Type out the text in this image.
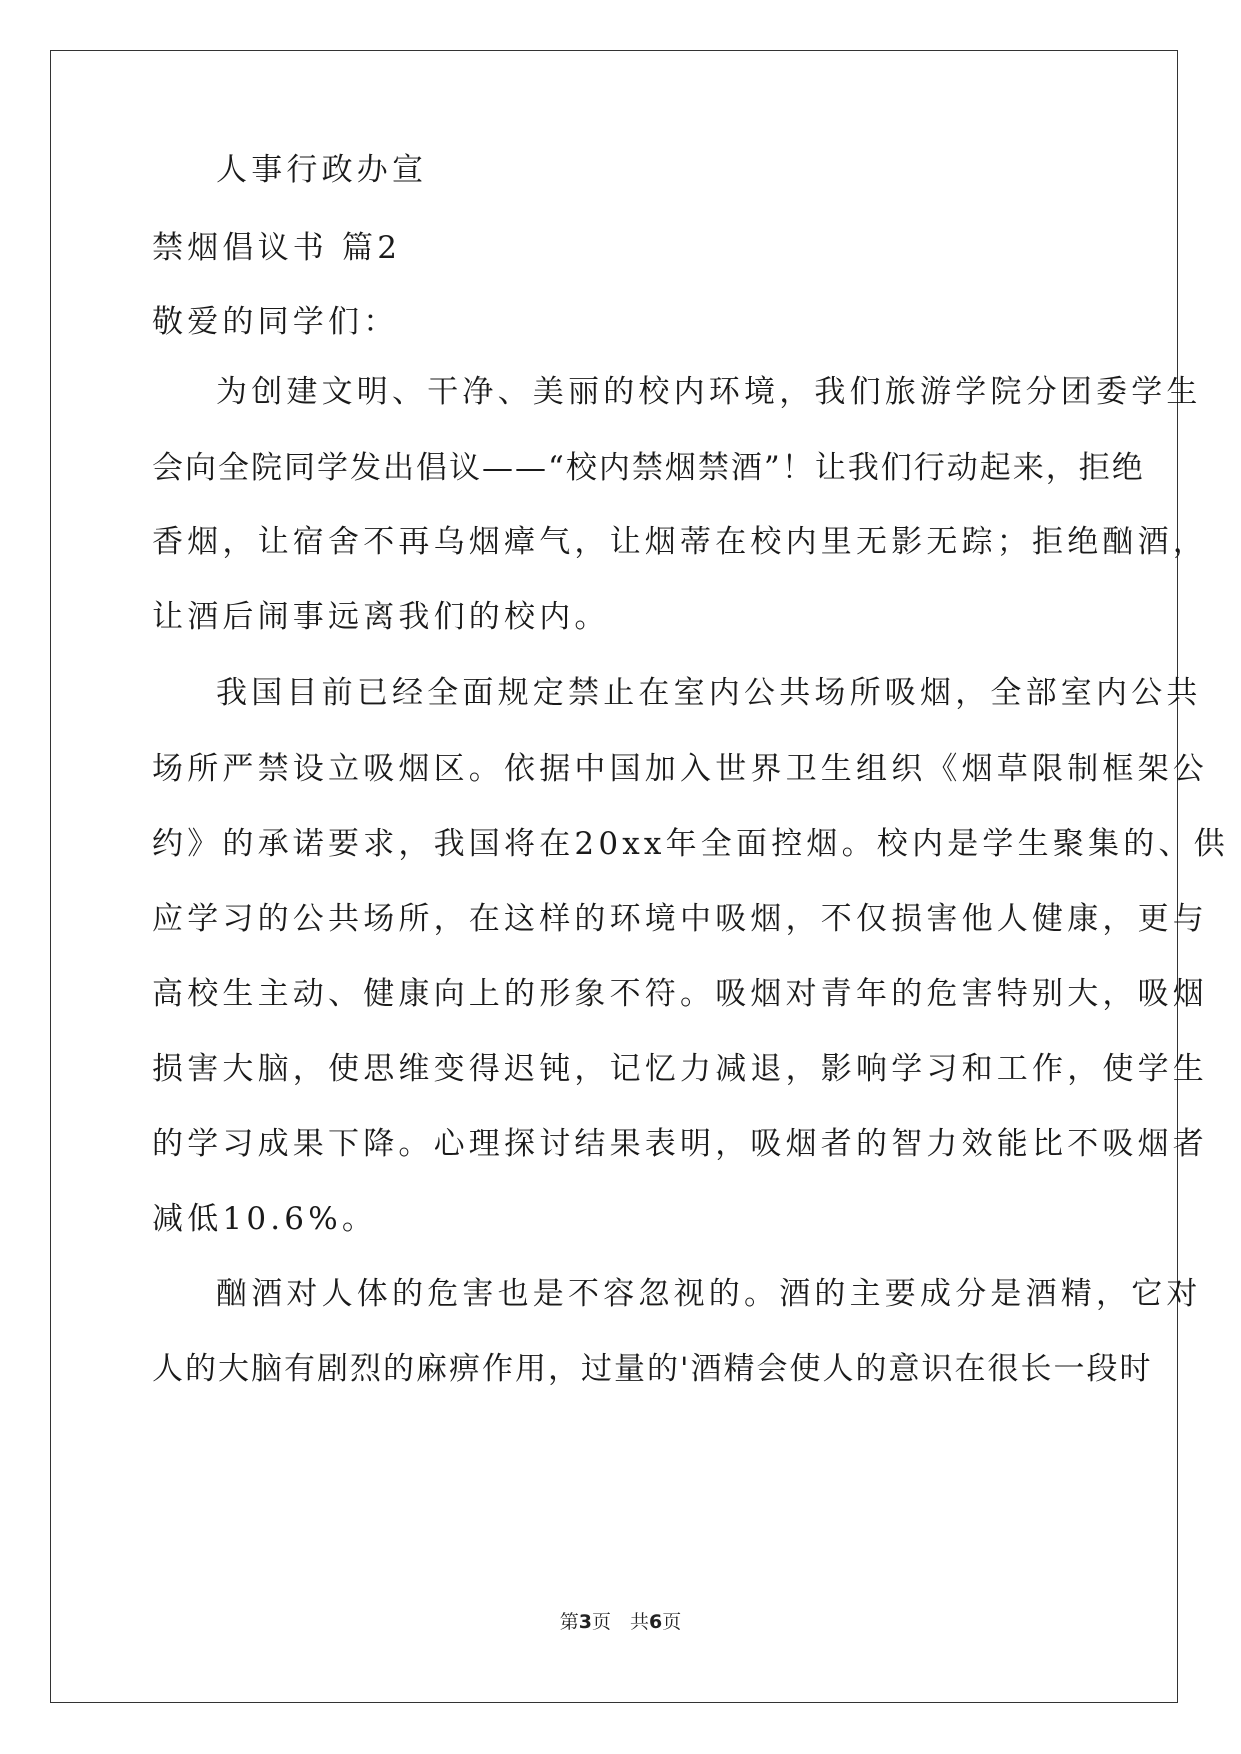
人事行政办宣
禁烟倡议书 篇2
敬爱的同学们：
为创建文明、干净、美丽的校内环境，我们旅游学院分团委学生
会向全院同学发出倡议——“校内禁烟禁酒”！让我们行动起来，拒绝
香烟，让宿舍不再乌烟瘴气，让烟蒂在校内里无影无踪；拒绝酗酒，
让酒后闹事远离我们的校内。
我国目前已经全面规定禁止在室内公共场所吸烟，全部室内公共
场所严禁设立吸烟区。依据中国加入世界卫生组织《烟草限制框架公
约》的承诺要求，我国将在20xx年全面控烟。校内是学生聚集的、供
应学习的公共场所，在这样的环境中吸烟，不仅损害他人健康，更与
高校生主动、健康向上的形象不符。吸烟对青年的危害特别大，吸烟
损害大脑，使思维变得迟钝，记忆力减退，影响学习和工作，使学生
的学习成果下降。心理探讨结果表明，吸烟者的智力效能比不吸烟者
减低10.6%。
酗酒对人体的危害也是不容忽视的。酒的主要成分是酒精，它对
人的大脑有剧烈的麻痹作用，过量的'酒精会使人的意识在很长一段时
第3页　共6页
